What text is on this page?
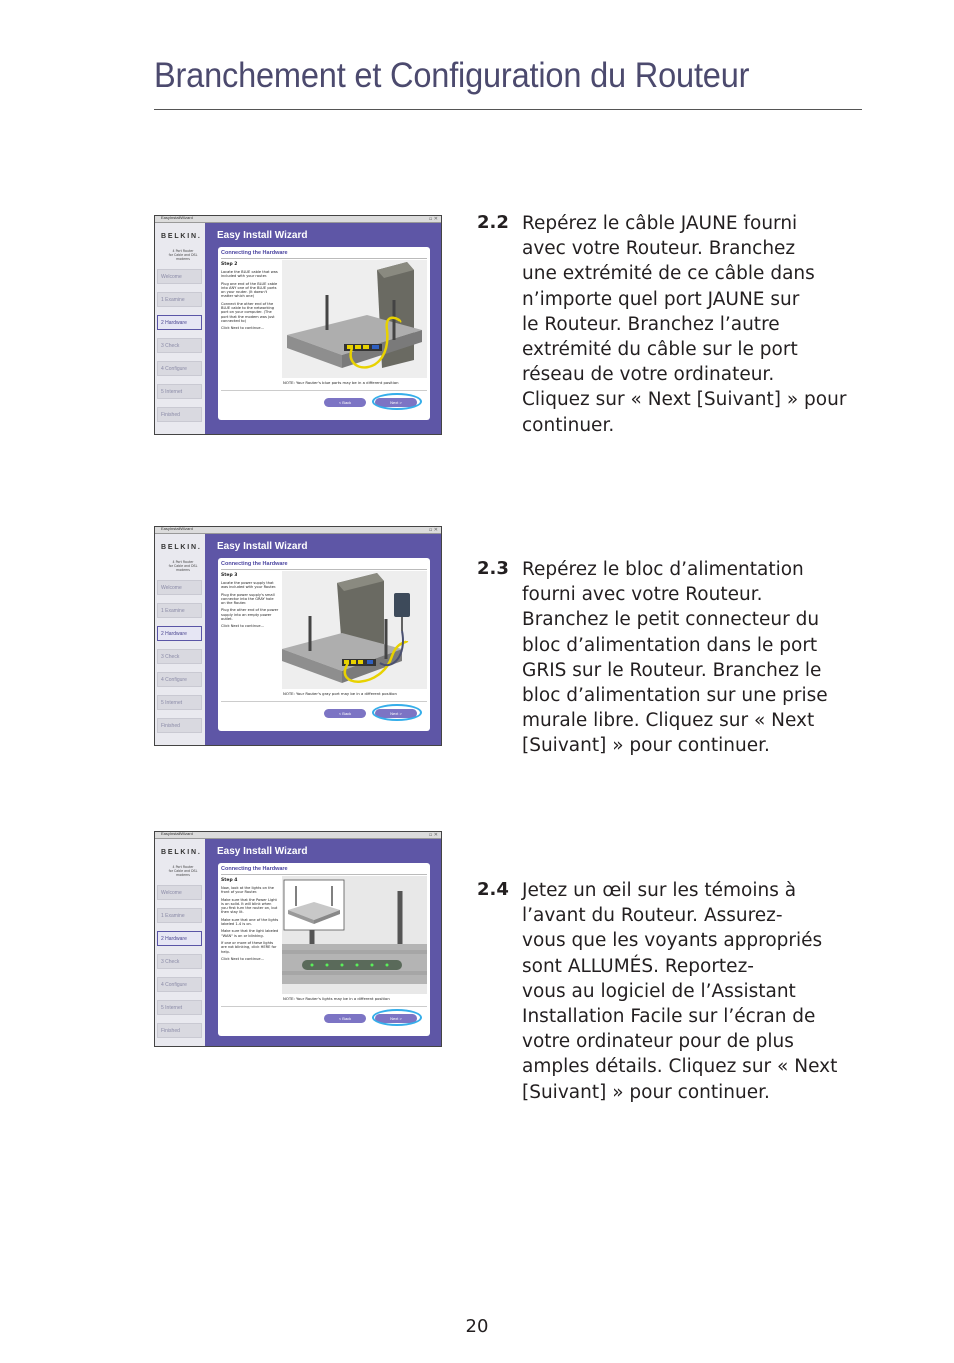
Branchement et Configuration du Routeur
EasyInstallWizard	▫ ✕
BELKIN.
4 Port Router
for Cable and DSL modems
Welcome
1 Examine
2 Hardware
3 Check
4 Configure
5 Internet
Finished
Easy Install Wizard
Connecting the Hardware
Step 2

Locate the BLUE cable that was included with your router.

Plug one end of the BLUE cable into ANY one of the BLUE ports on your router. (It doesn't matter which one)

Connect the other end of the BLUE cable to the networking port on your computer. (The port that the modem was just connected to)

Click Next to continue...

NOTE: Your Router's blue ports may be in a different position
< Back	Next >
2.2 Repérez le câble JAUNE fourni
avec votre Routeur. Branchez
une extrémité de ce câble dans
n’importe quel port JAUNE sur
le Routeur. Branchez l’autre
extrémité du câble sur le port
réseau de votre ordinateur.
Cliquez sur « Next [Suivant] » pour
continuer.
EasyInstallWizard	▫ ✕
BELKIN.
4 Port Router
for Cable and DSL modems
Welcome
1 Examine
2 Hardware
3 Check
4 Configure
5 Internet
Finished
Easy Install Wizard
Connecting the Hardware
Step 3

Locate the power supply that was included with your Router.

Plug the power supply's small connector into the GRAY hole on the Router.

Plug the other end of the power supply into an empty power outlet.

Click Next to continue...

NOTE: Your Router's gray port may be in a different position
< Back	Next >
2.3 Repérez le bloc d’alimentation
fourni avec votre Routeur.
Branchez le petit connecteur du
bloc d’alimentation dans le port
GRIS sur le Routeur. Branchez le
bloc d’alimentation sur une prise
murale libre. Cliquez sur « Next
[Suivant] » pour continuer.
EasyInstallWizard	▫ ✕
BELKIN.
4 Port Router
for Cable and DSL modems
Welcome
1 Examine
2 Hardware
3 Check
4 Configure
5 Internet
Finished
Easy Install Wizard
Connecting the Hardware
Step 4

Now, look at the lights on the front of your Router.

Make sure that the Power Light is on solid. It will blink when you first turn the router on, but then stay lit.

Make sure that one of the lights labeled 1-4 is on.

Make sure that the light labeled "WAN" is on or blinking.

If one or more of these lights are not blinking, click HERE for help.

Click Next to continue...

NOTE: Your Router's lights may be in a different position
< Back	Next >
2.4 Jetez un œil sur les témoins à
l’avant du Routeur. Assurez-
vous que les voyants appropriés
sont ALLUMÉS. Reportez-
vous au logiciel de l’Assistant
Installation Facile sur l’écran de
votre ordinateur pour de plus
amples détails. Cliquez sur « Next
[Suivant] » pour continuer.
20
